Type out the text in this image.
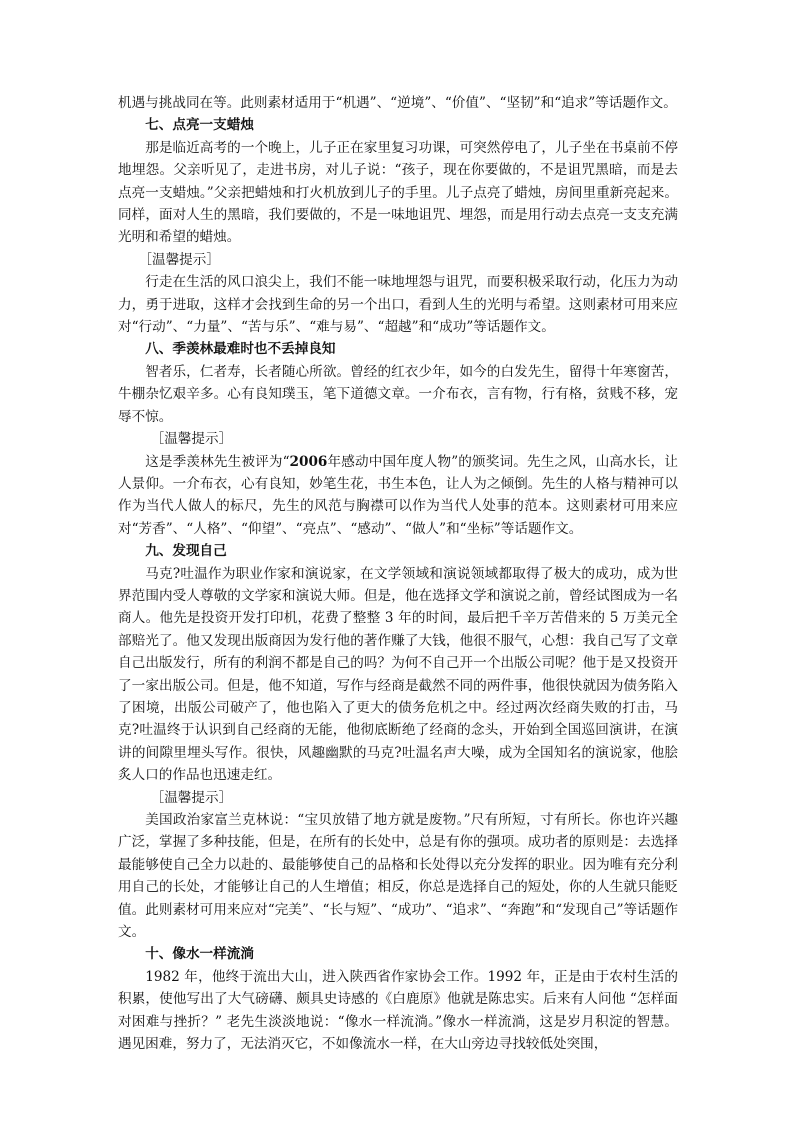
机遇与挑战同在等。此则素材适用于“机遇”、“逆境”、“价值”、“坚韧”和“追求”等话题作文。

七、点亮一支蜡烛

那是临近高考的一个晚上，儿子正在家里复习功课，可突然停电了，儿子坐在书桌前不停地埋怨。父亲听见了，走进书房，对儿子说：“孩子，现在你要做的，不是诅咒黑暗，而是去点亮一支蜡烛。”父亲把蜡烛和打火机放到儿子的手里。儿子点亮了蜡烛，房间里重新亮起来。同样，面对人生的黑暗，我们要做的，不是一味地诅咒、埋怨，而是用行动去点亮一支支充满光明和希望的蜡烛。

［温馨提示］

行走在生活的风口浪尖上，我们不能一味地埋怨与诅咒，而要积极采取行动，化压力为动力，勇于进取，这样才会找到生命的另一个出口，看到人生的光明与希望。这则素材可用来应对“行动”、“力量”、“苦与乐”、“难与易”、“超越”和“成功”等话题作文。

八、季羡林最难时也不丢掉良知

智者乐，仁者寿，长者随心所欲。曾经的红衣少年，如今的白发先生，留得十年寒窗苦，牛棚杂忆艰辛多。心有良知璞玉，笔下道德文章。一介布衣，言有物，行有格，贫贱不移，宠辱不惊。

［温馨提示］

这是季羡林先生被评为“2006年感动中国年度人物”的颁奖词。先生之风，山高水长，让人景仰。一介布衣，心有良知，妙笔生花，书生本色，让人为之倾倒。先生的人格与精神可以作为当代人做人的标尺，先生的风范与胸襟可以作为当代人处事的范本。这则素材可用来应对“芳香”、“人格”、“仰望”、“亮点”、“感动”、“做人”和“坐标”等话题作文。

九、发现自己

马克?吐温作为职业作家和演说家，在文学领域和演说领域都取得了极大的成功，成为世界范围内受人尊敬的文学家和演说大师。但是，他在选择文学和演说之前，曾经试图成为一名商人。他先是投资开发打印机，花费了整整 3 年的时间，最后把千辛万苦借来的 5 万美元全部赔光了。他又发现出版商因为发行他的著作赚了大钱，他很不服气，心想：我自己写了文章自己出版发行，所有的利润不都是自己的吗？为何不自己开一个出版公司呢？他于是又投资开了一家出版公司。但是，他不知道，写作与经商是截然不同的两件事，他很快就因为债务陷入了困境，出版公司破产了，他也陷入了更大的债务危机之中。经过两次经商失败的打击，马克?吐温终于认识到自己经商的无能，他彻底断绝了经商的念头，开始到全国巡回演讲，在演讲的间隙里埋头写作。很快，风趣幽默的马克?吐温名声大噪，成为全国知名的演说家，他脍炙人口的作品也迅速走红。

［温馨提示］

美国政治家富兰克林说：“宝贝放错了地方就是废物。”尺有所短，寸有所长。你也许兴趣广泛，掌握了多种技能，但是，在所有的长处中，总是有你的强项。成功者的原则是：去选择最能够使自己全力以赴的、最能够使自己的品格和长处得以充分发挥的职业。因为唯有充分利用自己的长处，才能够让自己的人生增值；相反，你总是选择自己的短处，你的人生就只能贬值。此则素材可用来应对“完美”、“长与短”、“成功”、“追求”、“奔跑”和“发现自己”等话题作文。

十、像水一样流淌

1982 年，他终于流出大山，进入陕西省作家协会工作。1992 年，正是由于农村生活的积累，使他写出了大气磅礴、颇具史诗感的《白鹿原》他就是陈忠实。后来有人问他 “怎样面对困难与挫折？” 老先生淡淡地说：“像水一样流淌。”像水一样流淌，这是岁月积淀的智慧。遇见困难，努力了，无法消灭它，不如像流水一样，在大山旁边寻找较低处突围，
